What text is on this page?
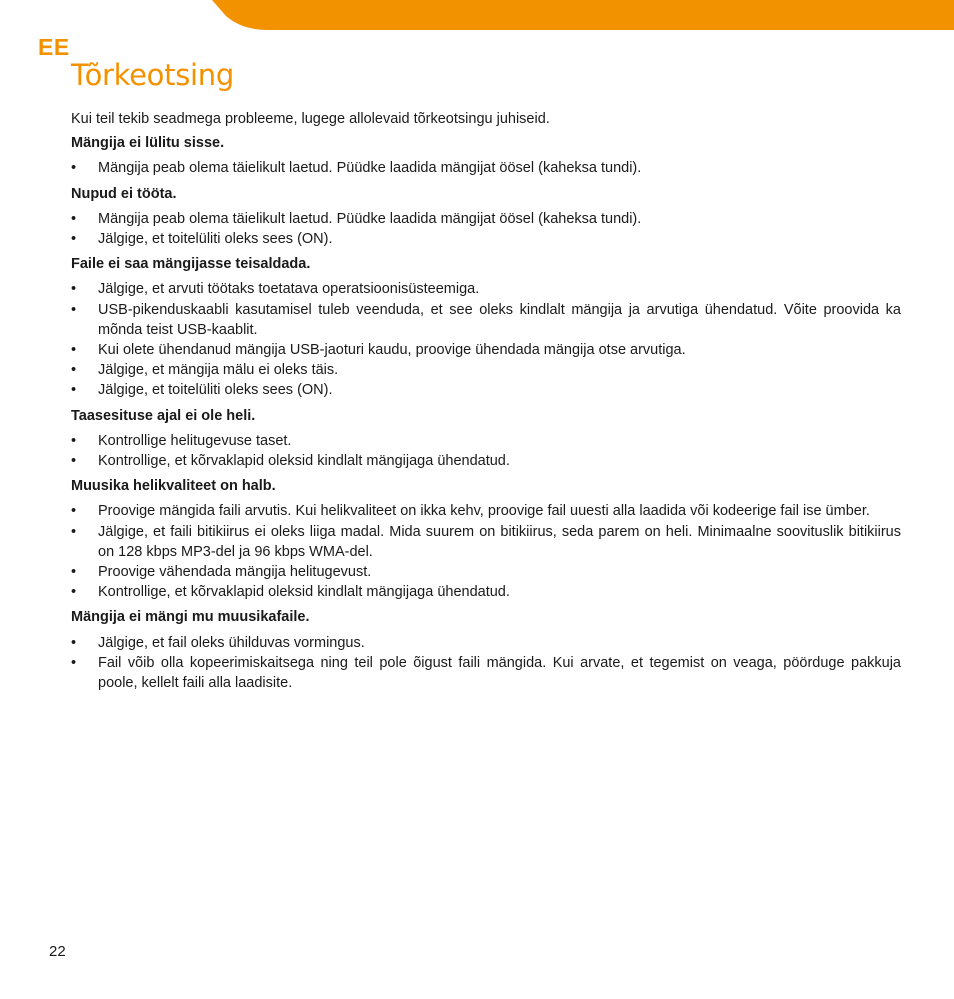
EE
Tõrkeotsing

Kui teil tekib seadmega probleeme, lugege allolevaid tõrkeotsingu juhiseid.

Mängija ei lülitu sisse.

•	Mängija peab olema täielikult laetud. Püüdke laadida mängijat öösel (kaheksa tundi).

Nupud ei tööta.

•	Mängija peab olema täielikult laetud. Püüdke laadida mängijat öösel (kaheksa tundi).
•	Jälgige, et toitelüliti oleks sees (ON).

Faile ei saa mängijasse teisaldada.

•	Jälgige, et arvuti töötaks toetatava operatsioonisüsteemiga.
•	USB-pikenduskaabli kasutamisel tuleb veenduda, et see oleks kindlalt mängija ja arvutiga ühendatud. Võite proovida ka mõnda teist USB-kaablit.
•	Kui olete ühendanud mängija USB-jaoturi kaudu, proovige ühendada mängija otse arvutiga.
•	Jälgige, et mängija mälu ei oleks täis.
•	Jälgige, et toitelüliti oleks sees (ON).

Taasesituse ajal ei ole heli.

•	Kontrollige helitugevuse taset.
•	Kontrollige, et kõrvaklapid oleksid kindlalt mängijaga ühendatud.

Muusika helikvaliteet on halb.

•	Proovige mängida faili arvutis. Kui helikvaliteet on ikka kehv, proovige fail uuesti alla laadida või kodeerige fail ise ümber.
•	Jälgige, et faili bitikiirus ei oleks liiga madal. Mida suurem on bitikiirus, seda parem on heli. Minimaalne soovituslik bitikiirus on 128 kbps MP3-del ja 96 kbps WMA-del.
•	Proovige vähendada mängija helitugevust.
•	Kontrollige, et kõrvaklapid oleksid kindlalt mängijaga ühendatud.

Mängija ei mängi mu muusikafaile.

•	Jälgige, et fail oleks ühilduvas vormingus.
•	Fail võib olla kopeerimiskaitsega ning teil pole õigust faili mängida. Kui arvate, et tegemist on veaga, pöörduge pakkuja poole, kellelt faili alla laadisite.
22
